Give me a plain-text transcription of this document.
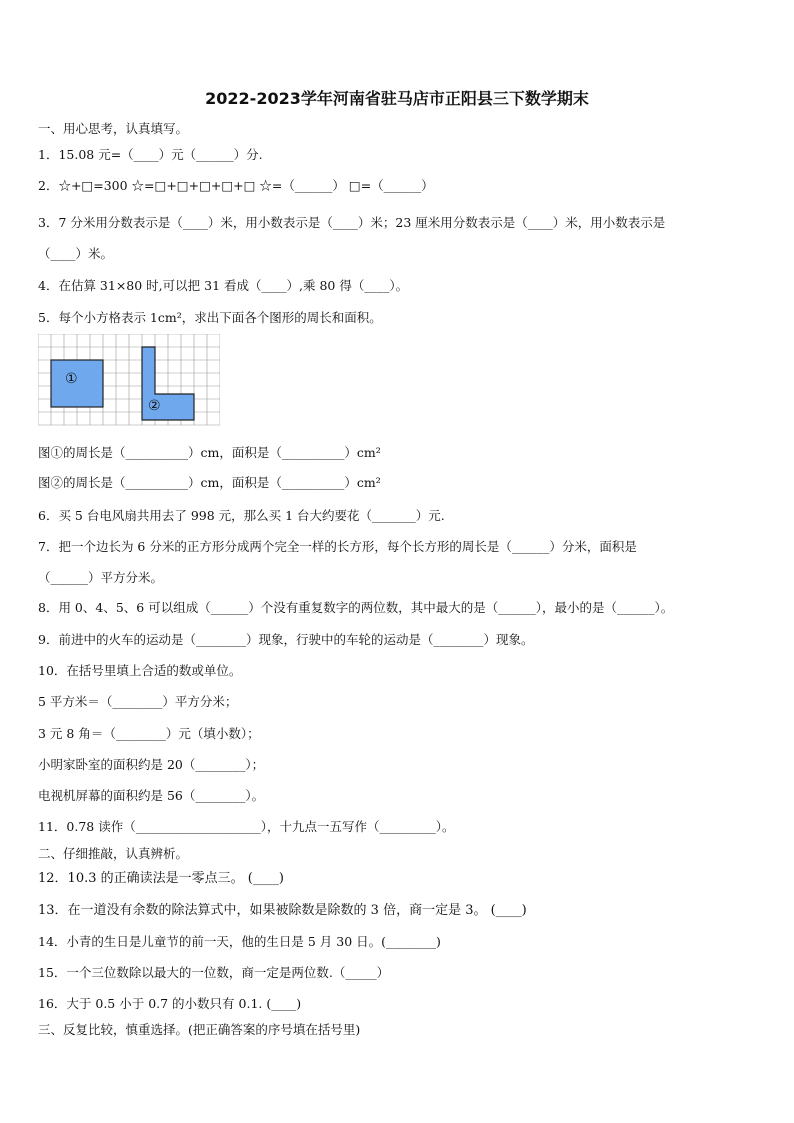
2022-2023学年河南省驻马店市正阳县三下数学期末
一、用心思考，认真填写。
1．15.08 元=（____）元（______）分.
2．☆+□=300 ☆=□+□+□+□+□ ☆=（______） □=（______）
3．7 分米用分数表示是（____）米，用小数表示是（____）米；23 厘米用分数表示是（____）米，用小数表示是
（____）米。
4．在估算 31×80 时,可以把 31 看成（____）,乘 80 得（____）。
5．每个小方格表示 1cm²，求出下面各个图形的周长和面积。
①
②
图①的周长是（__________）cm，面积是（__________）cm²
图②的周长是（__________）cm，面积是（__________）cm²
6．买 5 台电风扇共用去了 998 元，那么买 1 台大约要花（_______）元.
7．把一个边长为 6 分米的正方形分成两个完全一样的长方形，每个长方形的周长是（______）分米，面积是
（______）平方分米。
8．用 0、4、5、6 可以组成（______）个没有重复数字的两位数，其中最大的是（______），最小的是（______）。
9．前进中的火车的运动是（________）现象，行驶中的车轮的运动是（________）现象。
10．在括号里填上合适的数或单位。
5 平方米＝（________）平方分米；
3 元 8 角＝（________）元（填小数）；
小明家卧室的面积约是 20（________）；
电视机屏幕的面积约是 56（________）。
11．0.78 读作（____________________），十九点一五写作（_________）。
二、仔细推敲，认真辨析。
12．10.3 的正确读法是一零点三。 (____)
13．在一道没有余数的除法算式中，如果被除数是除数的 3 倍，商一定是 3。 (____)
14．小青的生日是儿童节的前一天，他的生日是 5 月 30 日。(________)
15．一个三位数除以最大的一位数，商一定是两位数.（_____）
16．大于 0.5 小于 0.7 的小数只有 0.1. (____)
三、反复比较，慎重选择。(把正确答案的序号填在括号里)
